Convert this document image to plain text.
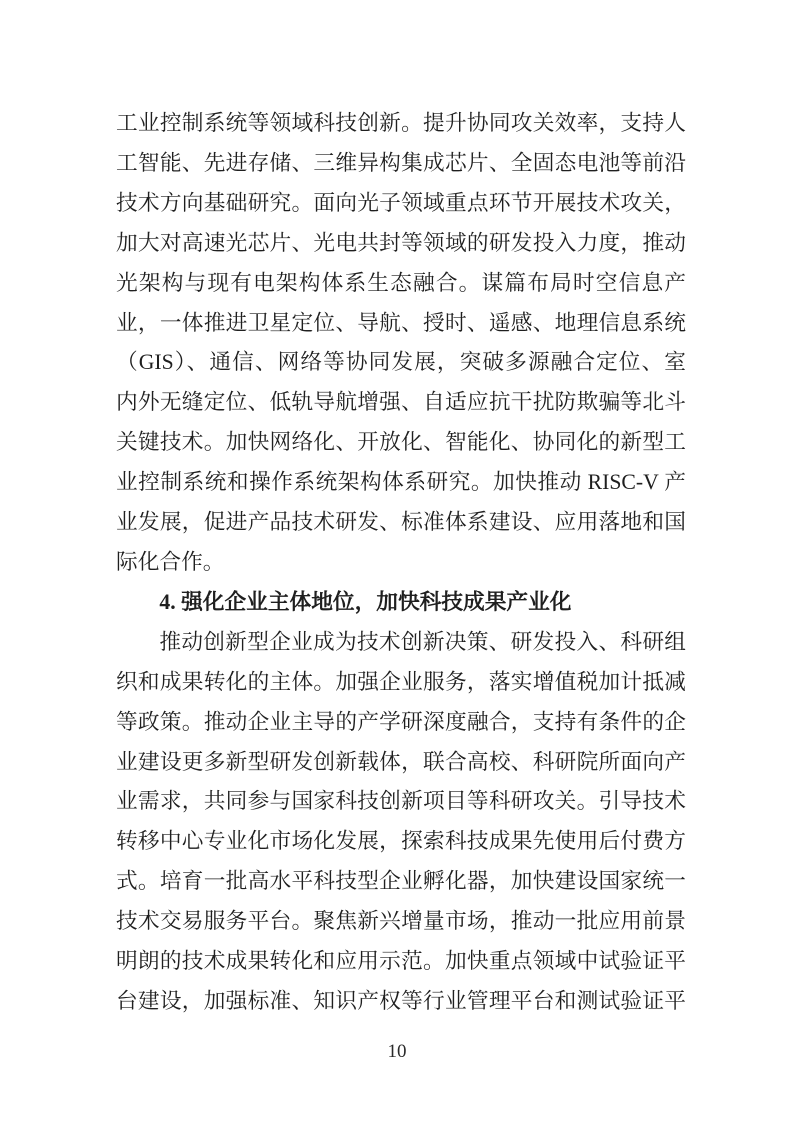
工业控制系统等领域科技创新。提升协同攻关效率，支持人
工智能、先进存储、三维异构集成芯片、全固态电池等前沿
技术方向基础研究。面向光子领域重点环节开展技术攻关，
加大对高速光芯片、光电共封等领域的研发投入力度，推动
光架构与现有电架构体系生态融合。谋篇布局时空信息产
业，一体推进卫星定位、导航、授时、遥感、地理信息系统
（GIS）、通信、网络等协同发展，突破多源融合定位、室
内外无缝定位、低轨导航增强、自适应抗干扰防欺骗等北斗
关键技术。加快网络化、开放化、智能化、协同化的新型工
业控制系统和操作系统架构体系研究。加快推动 RISC-V 产
业发展，促进产品技术研发、标准体系建设、应用落地和国
际化合作。
4. 强化企业主体地位，加快科技成果产业化
推动创新型企业成为技术创新决策、研发投入、科研组
织和成果转化的主体。加强企业服务，落实增值税加计抵减
等政策。推动企业主导的产学研深度融合，支持有条件的企
业建设更多新型研发创新载体，联合高校、科研院所面向产
业需求，共同参与国家科技创新项目等科研攻关。引导技术
转移中心专业化市场化发展，探索科技成果先使用后付费方
式。培育一批高水平科技型企业孵化器，加快建设国家统一
技术交易服务平台。聚焦新兴增量市场，推动一批应用前景
明朗的技术成果转化和应用示范。加快重点领域中试验证平
台建设，加强标准、知识产权等行业管理平台和测试验证平
10
